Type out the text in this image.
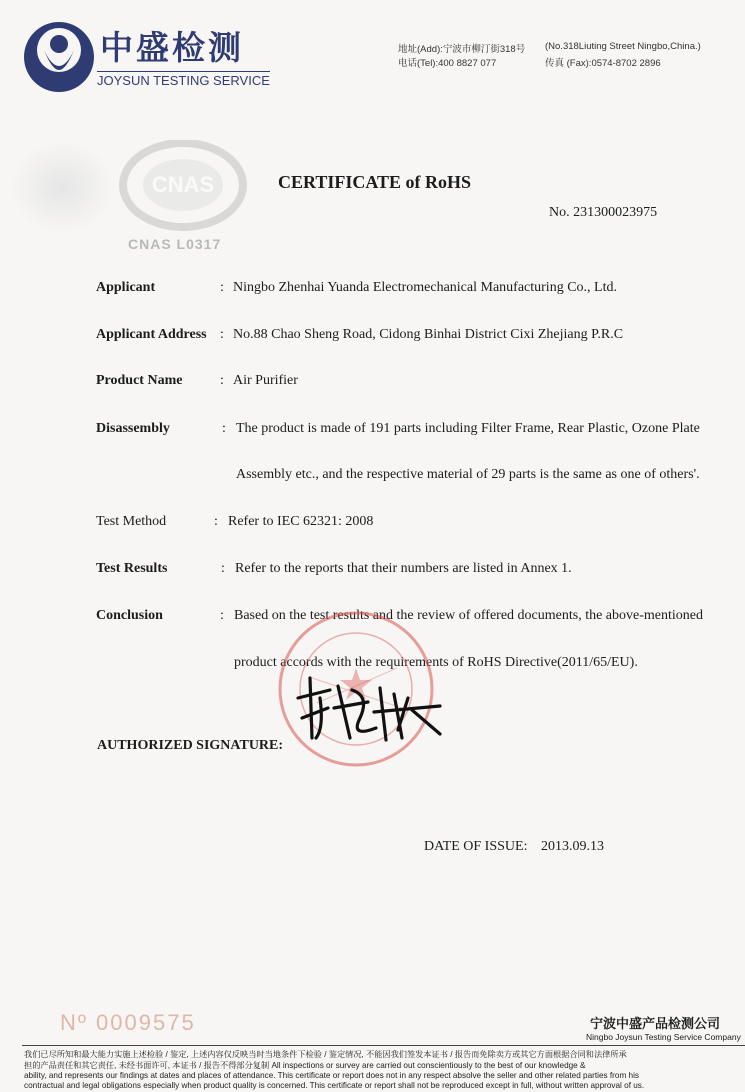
中盛检测
JOYSUN TESTING SERVICE
地址(Add):宁波市柳汀街318号 (No.318Liuting Street Ningbo,China.)
电话(Tel):400 8827 077	传真 (Fax):0574-8702 2896
CNAS
CNAS L0317
CERTIFICATE of RoHS
No. 231300023975
Applicant	: Ningbo Zhenhai Yuanda Electromechanical Manufacturing Co., Ltd.
Applicant Address : No.88 Chao Sheng Road, Cidong Binhai District Cixi Zhejiang P.R.C
Product Name	: Air Purifier
Disassembly	: The product is made of 191 parts including Filter Frame, Rear Plastic, Ozone Plate
Assembly etc., and the respective material of 29 parts is the same as one of others'.
Test Method	: Refer to IEC 62321: 2008
Test Results	: Refer to the reports that their numbers are listed in Annex 1.
Conclusion	: Based on the test results and the review of offered documents, the above-mentioned
product accords with the requirements of RoHS Directive(2011/65/EU).
AUTHORIZED SIGNATURE:
DATE OF ISSUE: 2013.09.13
Nº 0009575	宁波中盛产品检测公司
Ningbo Joysun Testing Service Company
我们已尽所知和最大能力实施上述检验 / 鉴定, 上述内容仅反映当时当地条件下检验 / 鉴定情况, 不能因我们签发本证书 / 报告而免除卖方或其它方面根据合同和法律所承
担的产品责任和其它责任, 未经书面许可, 本证书 / 报告不得部分复制 All inspections or survey are carried out conscientiously to the best of our knowledge &
ability, and represents our findings at dates and places of attendance. This certificate or report does not in any respect absolve the seller and other related parties from his
contractual and legal obligations especially when product quality is concerned. This certificate or report shall not be reproduced except in full, without written approval of us.
